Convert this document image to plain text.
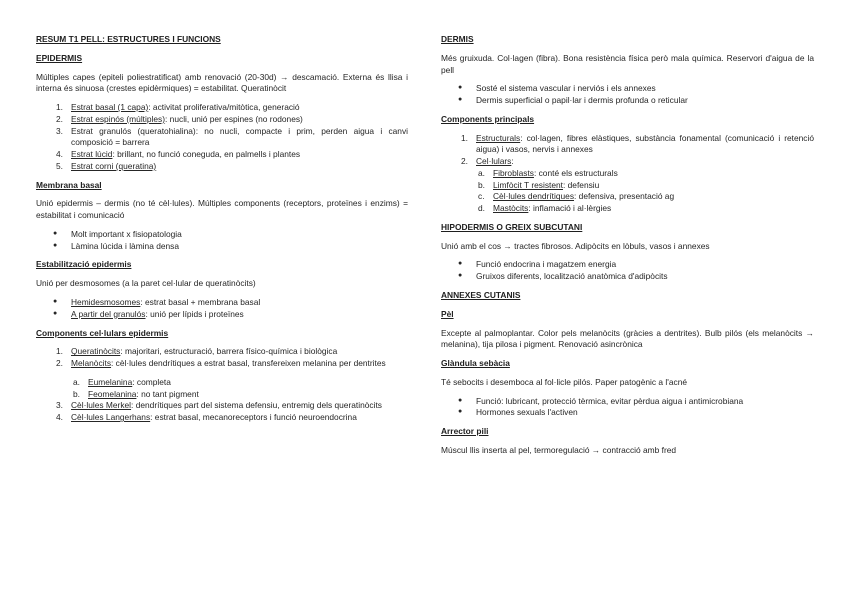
RESUM T1 PELL: ESTRUCTURES I FUNCIONS
EPIDERMIS
Múltiples capes (epiteli poliestratificat) amb renovació (20-30d) → descamació. Externa és llisa i interna és sinuosa (crestes epidèrmiques) = estabilitat. Queratinòcit
1. Estrat basal (1 capa): activitat proliferativa/mitòtica, generació
2. Estrat espinós (múltiples): nucli, unió per espines (no rodones)
3. Estrat granulós (queratohialina): no nucli, compacte i prim, perden aigua i canvi composició = barrera
4. Estrat lúcid: brillant, no funció coneguda, en palmells i plantes
5. Estrat corni (queratina)
Membrana basal
Unió epidermis – dermis (no té cèl·lules). Múltiples components (receptors, proteïnes i enzims) = estabilitat i comunicació
● Molt important x fisiopatologia
● Làmina lúcida i làmina densa
Estabilització epidermis
Unió per desmosomes (a la paret cel·lular de queratinòcits)
● Hemidesmosomes: estrat basal + membrana basal
● A partir del granulós: unió per lípids i proteïnes
Components cel·lulars epidermis
1. Queratinòcits: majoritari, estructuració, barrera físico-química i biològica
2. Melanòcits: cèl·lules dendrítiques a estrat basal, transfereixen melanina per dentrites
a. Eumelanina: completa
b. Feomelanina: no tant pigment
3. Cèl·lules Merkel: dendrítiques part del sistema defensiu, entremig dels queratinòcits
4. Cèl·lules Langerhans: estrat basal, mecanoreceptors i funció neuroendocrina
DERMIS
Més gruixuda. Col·lagen (fibra). Bona resistència física però mala química. Reservori d'aigua de la pell
● Sosté el sistema vascular i nerviós i els annexes
● Dermis superficial o papil·lar i dermis profunda o reticular
Components principals
1. Estructurals: col·lagen, fibres elàstiques, substància fonamental (comunicació i retenció aigua) i vasos, nervis i annexes
2. Cel·lulars:
a. Fibroblasts: conté els estructurals
b. Limfòcit T resistent: defensiu
c. Cèl·lules dendrítiques: defensiva, presentació ag
d. Mastòcits: inflamació i al·lèrgies
HIPODERMIS O GREIX SUBCUTANI
Unió amb el cos → tractes fibrosos. Adipòcits en lòbuls, vasos i annexes
● Funció endocrina i magatzem energia
● Gruixos diferents, localització anatòmica d'adipòcits
ANNEXES CUTANIS
Pèl
Excepte al palmoplantar. Color pels melanòcits (gràcies a dentrites). Bulb pilós (els melanòcits → melanina), tija pilosa i pigment. Renovació asincrònica
Glàndula sebàcia
Té sebocits i desemboca al fol·licle pilós. Paper patogènic a l'acné
● Funció: lubricant, protecció tèrmica, evitar pèrdua aigua i antimicrobiana
● Hormones sexuals l'activen
Arrector pili
Múscul llis inserta al pel, termoregulació → contracció amb fred
